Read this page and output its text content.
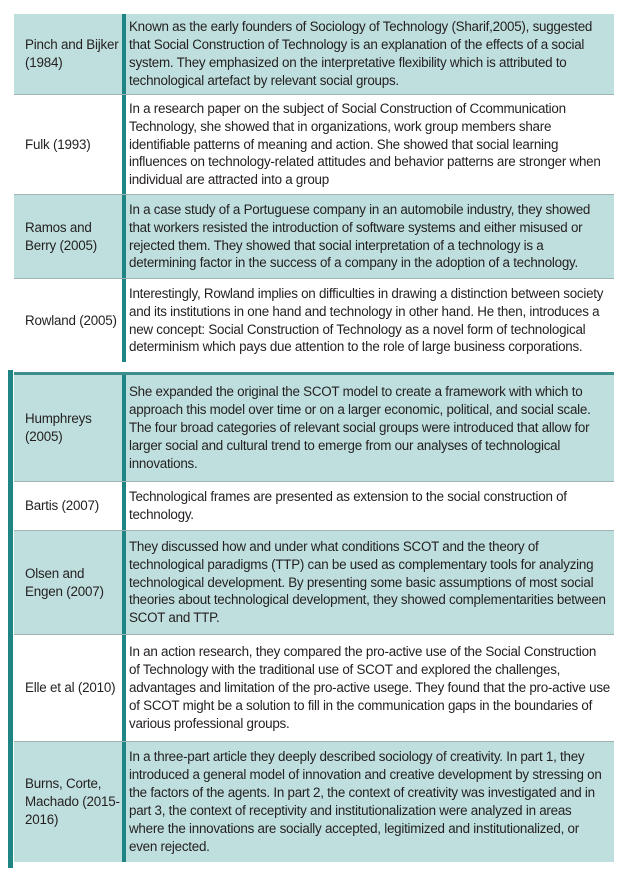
Pinch and Bijker (1984)
Known as the early founders of Sociology of Technology (Sharif,2005), suggested that Social Construction of Technology is an explanation of the effects of a social system. They emphasized on the interpretative flexibility which is attributed to technological artefact by relevant social groups.
Fulk (1993)
In a research paper on the subject of Social Construction of Ccommunication Technology, she showed that in organizations, work group members share identifiable patterns of meaning and action. She showed that social learning influences on technology-related attitudes and behavior patterns are stronger when individual are attracted into a group
Ramos and Berry (2005)
In a case study of a Portuguese company in an automobile industry, they showed that workers resisted the introduction of software systems and either misused or rejected them. They showed that social interpretation of a technology is a determining factor in the success of a company in the adoption of a technology.
Rowland (2005)
Interestingly, Rowland implies on difficulties in drawing a distinction between society and its institutions in one hand and technology in other hand. He then, introduces a new concept: Social Construction of Technology as a novel form of technological determinism which pays due attention to the role of large business corporations.
Humphreys (2005)
She expanded the original the SCOT model to create a framework with which to approach this model over time or on a larger economic, political, and social scale. The four broad categories of relevant social groups were introduced that allow for larger social and cultural trend to emerge from our analyses of technological innovations.
Bartis (2007)
Technological frames are presented as extension to the social construction of technology.
Olsen and Engen (2007)
They discussed how and under what conditions SCOT and the theory of technological paradigms (TTP) can be used as complementary tools for analyzing technological development. By presenting some basic assumptions of most social theories about technological development, they showed complementarities between SCOT and TTP.
Elle et al (2010)
In an action research, they compared the pro-active use of the Social Construction of Technology with the traditional use of SCOT and explored the challenges, advantages and limitation of the pro-active usege. They found that the pro-active use of SCOT might be a solution to fill in the communication gaps in the boundaries of various professional groups.
Burns, Corte, Machado (2015-2016)
In a three-part article they deeply described sociology of creativity. In part 1, they introduced a general model of innovation and creative development by stressing on the factors of the agents. In part 2, the context of creativity was investigated and in part 3, the context of receptivity and institutionalization were analyzed in areas where the innovations are socially accepted, legitimized and institutionalized, or even rejected.
